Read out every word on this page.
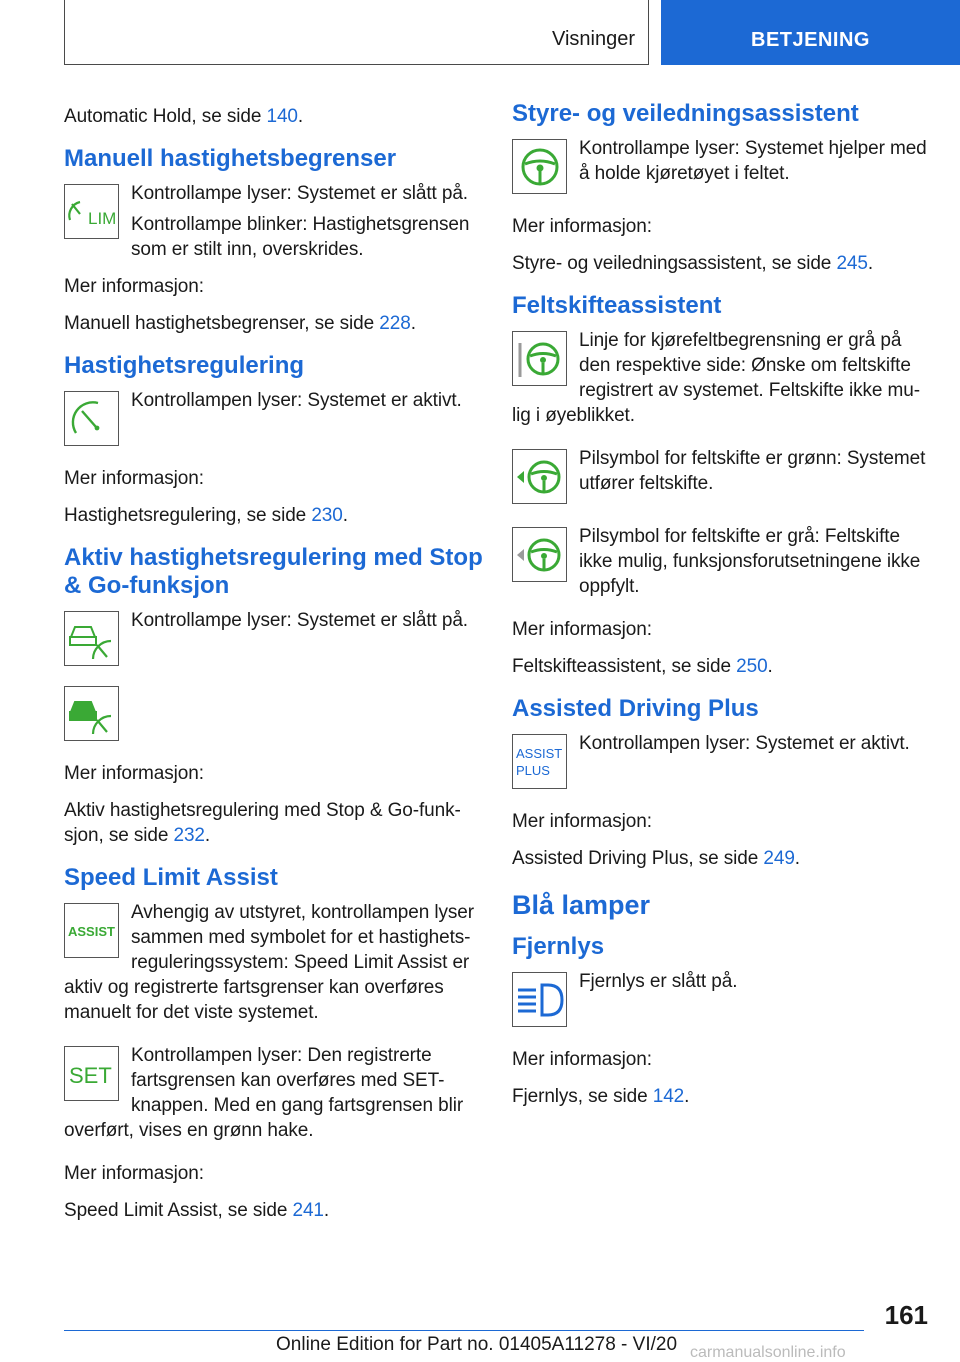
Visninger	BETJENING
Automatic Hold, se side 140.
Manuell hastighetsbegrenser
LIM
Kontrollampe lyser: Systemet er slått på.
Kontrollampe blinker: Hastighetsgrensen som er stilt inn, overskrides.
Mer informasjon:
Manuell hastighetsbegrenser, se side 228.
Hastighetsregulering
Kontrollampen lyser: Systemet er aktivt.
Mer informasjon:
Hastighetsregulering, se side 230.
Aktiv hastighetsregulering med Stop & Go-funksjon
Kontrollampe lyser: Systemet er slått på.
Mer informasjon:
Aktiv hastighetsregulering med Stop & Go-funksjon, se side 232.
Speed Limit Assist
ASSIST
Avhengig av utstyret, kontrollampen lyser sammen med symbolet for et hastighetsreguleringssystem: Speed Limit Assist er aktiv og registrerte fartsgrenser kan overføres manuelt for det viste systemet.
SET
Kontrollampen lyser: Den registrerte fartsgrensen kan overføres med SET-knappen. Med en gang fartsgrensen blir overført, vises en grønn hake.
Mer informasjon:
Speed Limit Assist, se side 241.
Styre- og veiledningsassistent
Kontrollampe lyser: Systemet hjelper med å holde kjøretøyet i feltet.
Mer informasjon:
Styre- og veiledningsassistent, se side 245.
Feltskifteassistent
Linje for kjørefeltbegrensning er grå på den respektive side: Ønske om feltskifte registrert av systemet. Feltskifte ikke mulig i øyeblikket.
Pilsymbol for feltskifte er grønn: Systemet utfører feltskifte.
Pilsymbol for feltskifte er grå: Feltskifte ikke mulig, funksjonsforutsetningene ikke oppfylt.
Mer informasjon:
Feltskifteassistent, se side 250.
Assisted Driving Plus
ASSIST
PLUS
Kontrollampen lyser: Systemet er aktivt.
Mer informasjon:
Assisted Driving Plus, se side 249.
Blå lamper
Fjernlys
Fjernlys er slått på.
Mer informasjon:
Fjernlys, se side 142.
161
Online Edition for Part no. 01405A11278 - VI/20 carmanualsonline.info
